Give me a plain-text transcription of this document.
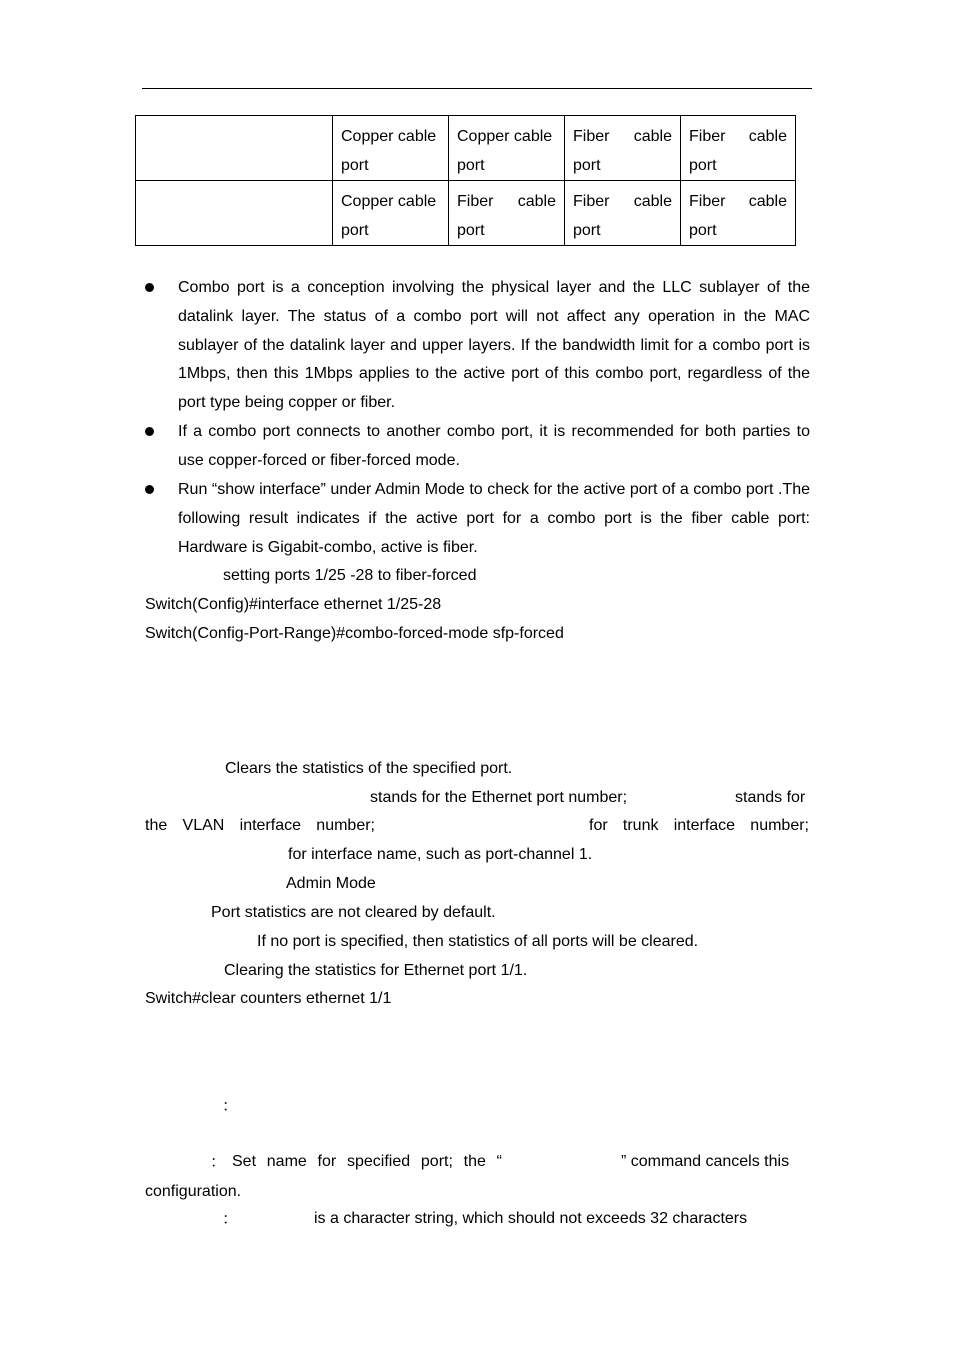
	Copper cable port	Copper cable port	Fiber cable port	Fiber cable port
	Copper cable port	Fiber cable port	Fiber cable port	Fiber cable port
Combo port is a conception involving the physical layer and the LLC sublayer of the datalink layer. The status of a combo port will not affect any operation in the MAC sublayer of the datalink layer and upper layers. If the bandwidth limit for a combo port is 1Mbps, then this 1Mbps applies to the active port of this combo port, regardless of the port type being copper or fiber.
If a combo port connects to another combo port, it is recommended for both parties to use copper-forced or fiber-forced mode.
Run “show interface” under Admin Mode to check for the active port of a combo port .The following result indicates if the active port for a combo port is the fiber cable port: Hardware is Gigabit-combo, active is fiber.
setting ports 1/25 -28 to fiber-forced
Switch(Config)#interface ethernet 1/25-28
Switch(Config-Port-Range)#combo-forced-mode sfp-forced
Clears the statistics of the specified port.
stands for the Ethernet port number;	stands for
the VLAN interface number;	for trunk interface number;
for interface name, such as port-channel 1.
Admin Mode
Port statistics are not cleared by default.
If no port is specified, then statistics of all ports will be cleared.
Clearing the statistics for Ethernet port 1/1.
Switch#clear counters ethernet 1/1
：
： Set name for specified port; the “	” command cancels this
configuration.
：	is a character string, which should not exceeds 32 characters
